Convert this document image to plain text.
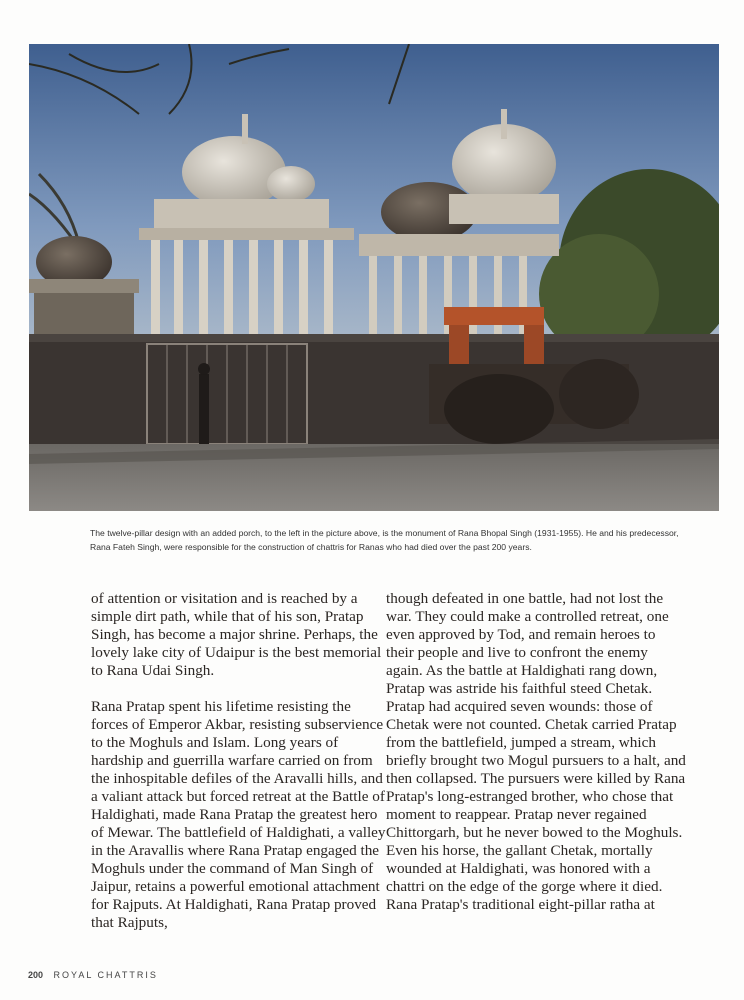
The twelve-pillar design with an added porch, to the left in the picture above, is the monument of Rana Bhopal Singh (1931-1955). He and his predecessor, Rana Fateh Singh, were responsible for the construction of chattris for Ranas who had died over the past 200 years.

of attention or visitation and is reached by a simple dirt path, while that of his son, Pratap Singh, has become a major shrine. Perhaps, the lovely lake city of Udaipur is the best memorial to Rana Udai Singh.

Rana Pratap spent his lifetime resisting the forces of Emperor Akbar, resisting subservience to the Moghuls and Islam. Long years of hardship and guerrilla warfare carried on from the inhospitable defiles of the Aravalli hills, and a valiant attack but forced retreat at the Battle of Haldighati, made Rana Pratap the greatest hero of Mewar. The battlefield of Haldighati, a valley in the Aravallis where Rana Pratap engaged the Moghuls under the command of Man Singh of Jaipur, retains a powerful emotional attachment for Rajputs. At Haldighati, Rana Pratap proved that Rajputs,

though defeated in one battle, had not lost the war. They could make a controlled retreat, one even approved by Tod, and remain heroes to their people and live to confront the enemy again. As the battle at Haldighati rang down, Pratap was astride his faithful steed Chetak. Pratap had acquired seven wounds: those of Chetak were not counted. Chetak carried Pratap from the battlefield, jumped a stream, which briefly brought two Mogul pursuers to a halt, and then collapsed. The pursuers were killed by Rana Pratap's long-estranged brother, who chose that moment to reappear. Pratap never regained Chittorgarh, but he never bowed to the Moghuls. Even his horse, the gallant Chetak, mortally wounded at Haldighati, was honored with a chattri on the edge of the gorge where it died. Rana Pratap's traditional eight-pillar ratha at

200 ROYAL CHATTRIS
